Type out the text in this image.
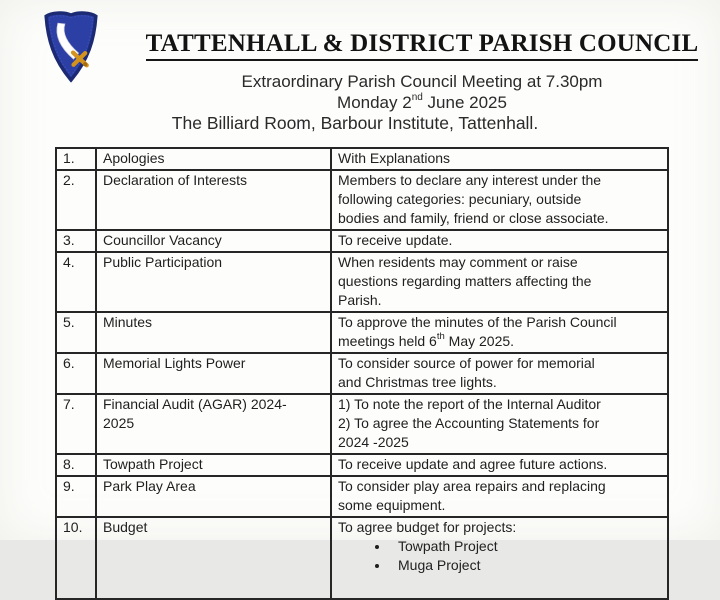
TATTENHALL & DISTRICT PARISH COUNCIL
Extraordinary Parish Council Meeting at 7.30pm
Monday 2nd June 2025
The Billiard Room, Barbour Institute, Tattenhall.
1.	Apologies	With Explanations
2.	Declaration of Interests	Members to declare any interest under the
following categories: pecuniary, outside
bodies and family, friend or close associate.
3.	Councillor Vacancy	To receive update.
4.	Public Participation	When residents may comment or raise
questions regarding matters affecting the
Parish.
5.	Minutes	To approve the minutes of the Parish Council
meetings held 6th May 2025.
6.	Memorial Lights Power	To consider source of power for memorial
and Christmas tree lights.
7.	Financial Audit (AGAR) 2024-2025	1) To note the report of the Internal Auditor
2) To agree the Accounting Statements for
2024 -2025
8.	Towpath Project	To receive update and agree future actions.
9.	Park Play Area	To consider play area repairs and replacing
some equipment.
10.	Budget	To agree budget for projects:
• Towpath Project
• Muga Project
